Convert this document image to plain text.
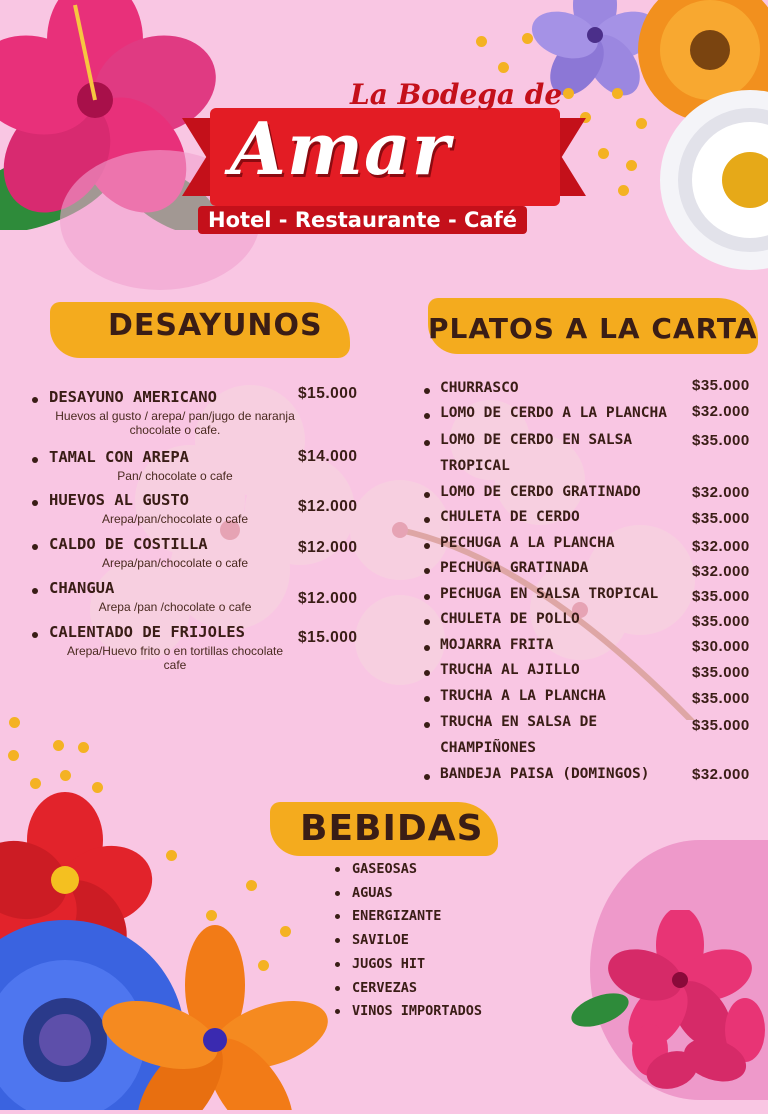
La Bodega de
Amar
Hotel - Restaurante - Café
DESAYUNOS
DESAYUNO AMERICANO
Huevos al gusto / arepa/ pan/jugo de naranja chocolate o cafe.
$15.000
TAMAL CON AREPA
Pan/ chocolate o cafe
$14.000
HUEVOS AL GUSTO
Arepa/pan/chocolate o cafe
$12.000
CALDO DE COSTILLA
Arepa/pan/chocolate o cafe
$12.000
CHANGUA
Arepa /pan /chocolate o cafe	$12.000
CALENTADO DE FRIJOLES
Arepa/Huevo frito o en tortillas chocolate cafe
$15.000
PLATOS A LA CARTA
CHURRASCO	$35.000
LOMO DE CERDO A LA PLANCHA $32.000
LOMO DE CERDO EN SALSA
TROPICAL
$35.000
LOMO DE CERDO GRATINADO	$32.000
CHULETA DE CERDO	$35.000
PECHUGA A LA PLANCHA	$32.000
PECHUGA GRATINADA	$32.000
PECHUGA EN SALSA TROPICAL $35.000
CHULETA DE POLLO	$35.000
MOJARRA FRITA	$30.000
TRUCHA AL AJILLO	$35.000
TRUCHA A LA PLANCHA	$35.000
TRUCHA EN SALSA DE
CHAMPIÑONES
$35.000
BANDEJA PAISA (DOMINGOS)	$32.000
BEBIDAS
GASEOSAS
AGUAS
ENERGIZANTE
SAVILOE
JUGOS HIT
CERVEZAS
VINOS IMPORTADOS
